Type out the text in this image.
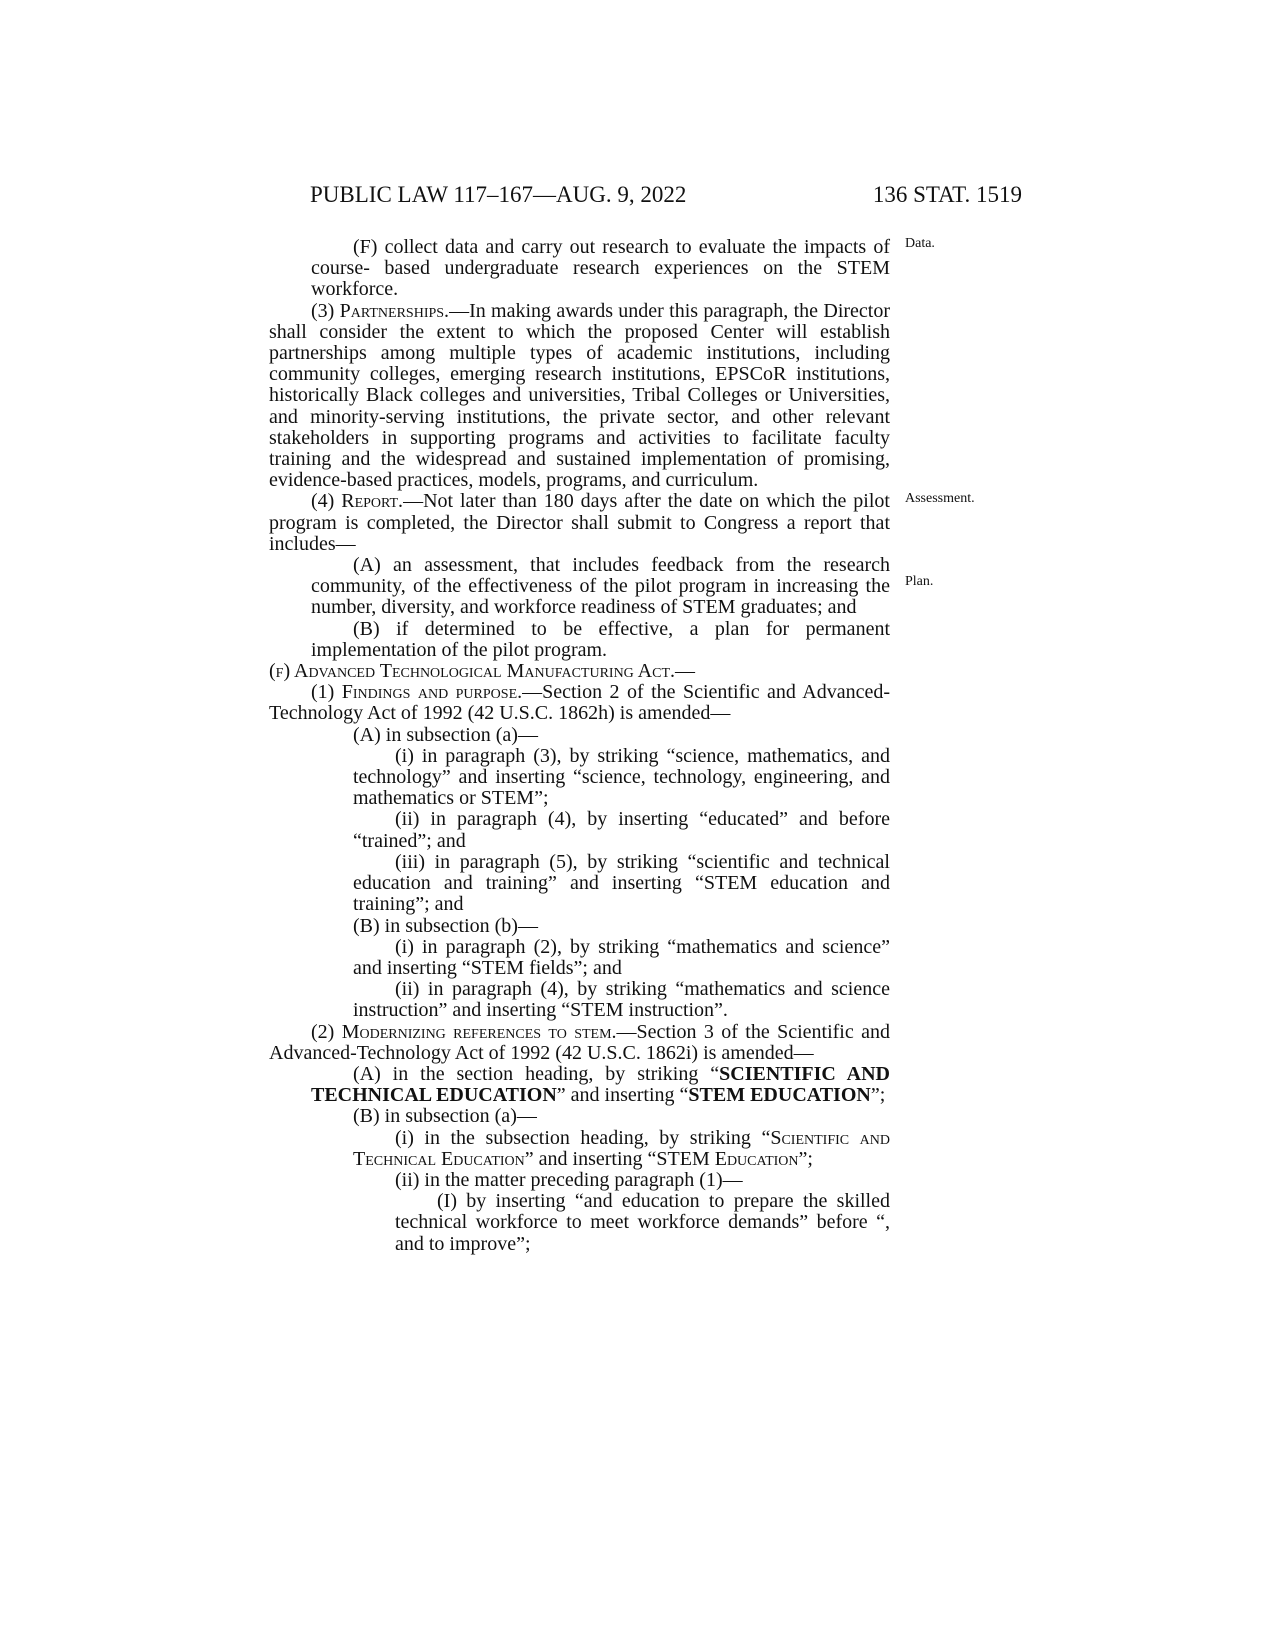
PUBLIC LAW 117–167—AUG. 9, 2022	136 STAT. 1519
Data.
Assessment.
Plan.

(F) collect data and carry out research to evaluate the impacts of course- based undergraduate research experiences on the STEM workforce.

(3) Partnerships.—In making awards under this paragraph, the Director shall consider the extent to which the proposed Center will establish partnerships among multiple types of academic institutions, including community colleges, emerging research institutions, EPSCoR institutions, historically Black colleges and universities, Tribal Colleges or Universities, and minority-serving institutions, the private sector, and other relevant stakeholders in supporting programs and activities to facilitate faculty training and the widespread and sustained implementation of promising, evidence-based practices, models, programs, and curriculum.

(4) Report.—Not later than 180 days after the date on which the pilot program is completed, the Director shall submit to Congress a report that includes—

(A) an assessment, that includes feedback from the research community, of the effectiveness of the pilot program in increasing the number, diversity, and workforce readiness of STEM graduates; and

(B) if determined to be effective, a plan for permanent implementation of the pilot program.

(f) Advanced Technological Manufacturing Act.—

(1) Findings and purpose.—Section 2 of the Scientific and Advanced-Technology Act of 1992 (42 U.S.C. 1862h) is amended—

(A) in subsection (a)—

(i) in paragraph (3), by striking “science, mathematics, and technology” and inserting “science, technology, engineering, and mathematics or STEM”;

(ii) in paragraph (4), by inserting “educated” and before “trained”; and

(iii) in paragraph (5), by striking “scientific and technical education and training” and inserting “STEM education and training”; and

(B) in subsection (b)—

(i) in paragraph (2), by striking “mathematics and science” and inserting “STEM fields”; and

(ii) in paragraph (4), by striking “mathematics and science instruction” and inserting “STEM instruction”.

(2) Modernizing references to stem.—Section 3 of the Scientific and Advanced-Technology Act of 1992 (42 U.S.C. 1862i) is amended—

(A) in the section heading, by striking “SCIENTIFIC AND TECHNICAL EDUCATION” and inserting “STEM EDUCATION”;

(B) in subsection (a)—

(i) in the subsection heading, by striking “Scientific and Technical Education” and inserting “STEM Education”;

(ii) in the matter preceding paragraph (1)—

(I) by inserting “and education to prepare the skilled technical workforce to meet workforce demands” before “, and to improve”;
